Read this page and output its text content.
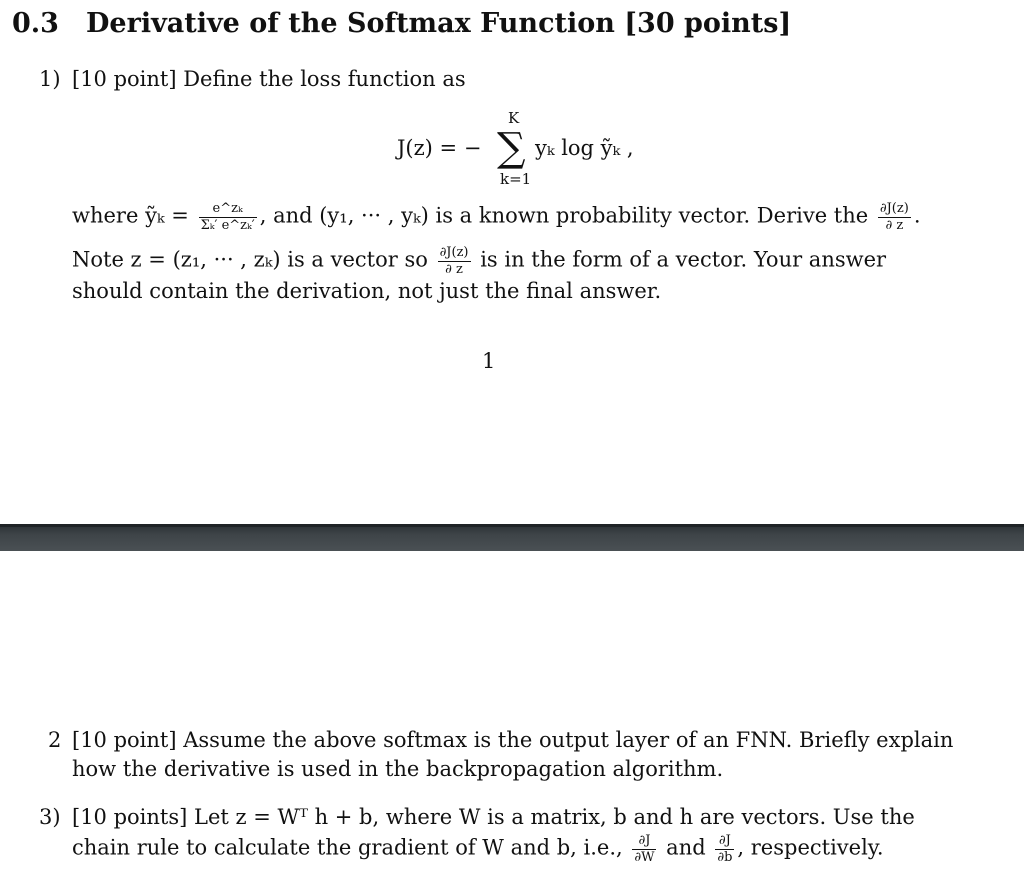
0.3 Derivative of the Softmax Function [30 points]
1) [10 point] Define the loss function as
K
J(z) = − ∑ yₖ log ỹₖ ,
k=1
where ỹₖ = $\frac{\text{e\textasciicircum{}zₖ}}{\text{Σₖ′ e\textasciicircum{}zₖ′}}$ , and (y₁, ··· , yₖ) is a known probability vector. Derive the $\frac{\partial J(z)}{\partial z}$ .
Note z = (z₁, ··· , zₖ) is a vector so $\frac{\partial J(z)}{\partial z}$ is in the form of a vector. Your answer
should contain the derivation, not just the final answer.
1
2 [10 point] Assume the above softmax is the output layer of an FNN. Briefly explain
how the derivative is used in the backpropagation algorithm.
3) [10 points] Let z = Wᵀ h + b, where W is a matrix, b and h are vectors. Use the
chain rule to calculate the gradient of W and b, i.e., $\frac{\partial J}{\partial W}$ and $\frac{\partial J}{\partial b}$ , respectively.
